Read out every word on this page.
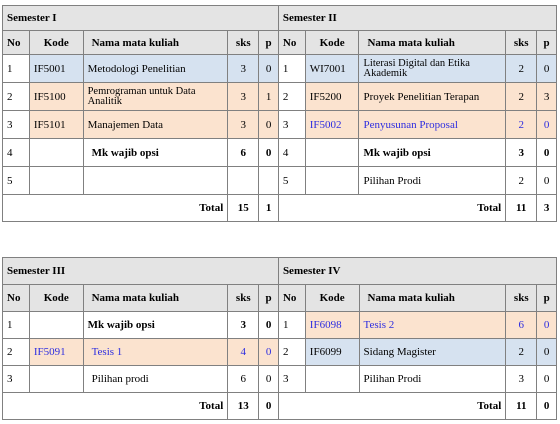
Semester I					Semester II				
No	Kode	Nama mata kuliah	sks	p	No	Kode	Nama mata kuliah	sks	p
1	IF5001	Metodologi Penelitian	3	0	1	WI7001	Literasi Digital dan Etika Akademik	2	0
2	IF5100	Pemrograman untuk Data Analitik	3	1	2	IF5200	Proyek Penelitian Terapan	2	3
3	IF5101	Manajemen Data	3	0	3	IF5002	Penyusunan Proposal	2	0
4		Mk wajib opsi	6	0	4		Mk wajib opsi	3	0
5					5		Pilihan Prodi	2	0
Total			15	1	Total			11	3
Semester III					Semester IV				
No	Kode	Nama mata kuliah	sks	p	No	Kode	Nama mata kuliah	sks	p
1		Mk wajib opsi	3	0	1	IF6098	Tesis 2	6	0
2	IF5091	Tesis 1	4	0	2	IF6099	Sidang Magister	2	0
3		Pilihan prodi	6	0	3		Pilihan Prodi	3	0
Total			13	0	Total			11	0
